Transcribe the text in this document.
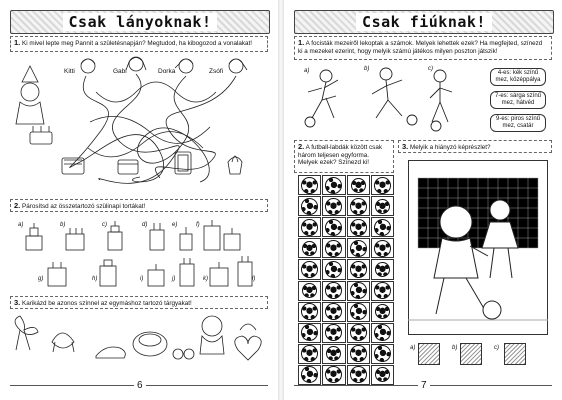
Csak lányoknak!
1. Ki mivel lepte meg Pannit a születésnapján? Megtudod, ha kibogozod a vonalakat!
Kitti	Gabi	Dorka	Zsófi
2. Párosítsd az összetartozó szülinapi tortákat!
a)	b)	c)	d)	e)	f)
g)	h)	i)	j)	k)	l)
3. Karikázd be azonos színnel az egymáshoz tartozó tárgyakat!
6
Csak fiúknak!
1. A focisták mezeiről lekoptak a számok. Melyek lehettek ezek? Ha megfejted, színezd ki a mezeket ezerint, hogy melyik számú játékos milyen poszton játszik!
a)	b)	c)
4-es: kék színű mez, középpálya
7-es: sárga színű mez, hátvéd
9-es: piros színű mez, csatár
2. A futball-labdák között csak három teljesen egyforma. Melyek ezek? Színezd ki!
3. Melyik a hiányzó képrészlet?
a)	b)	c)
7
